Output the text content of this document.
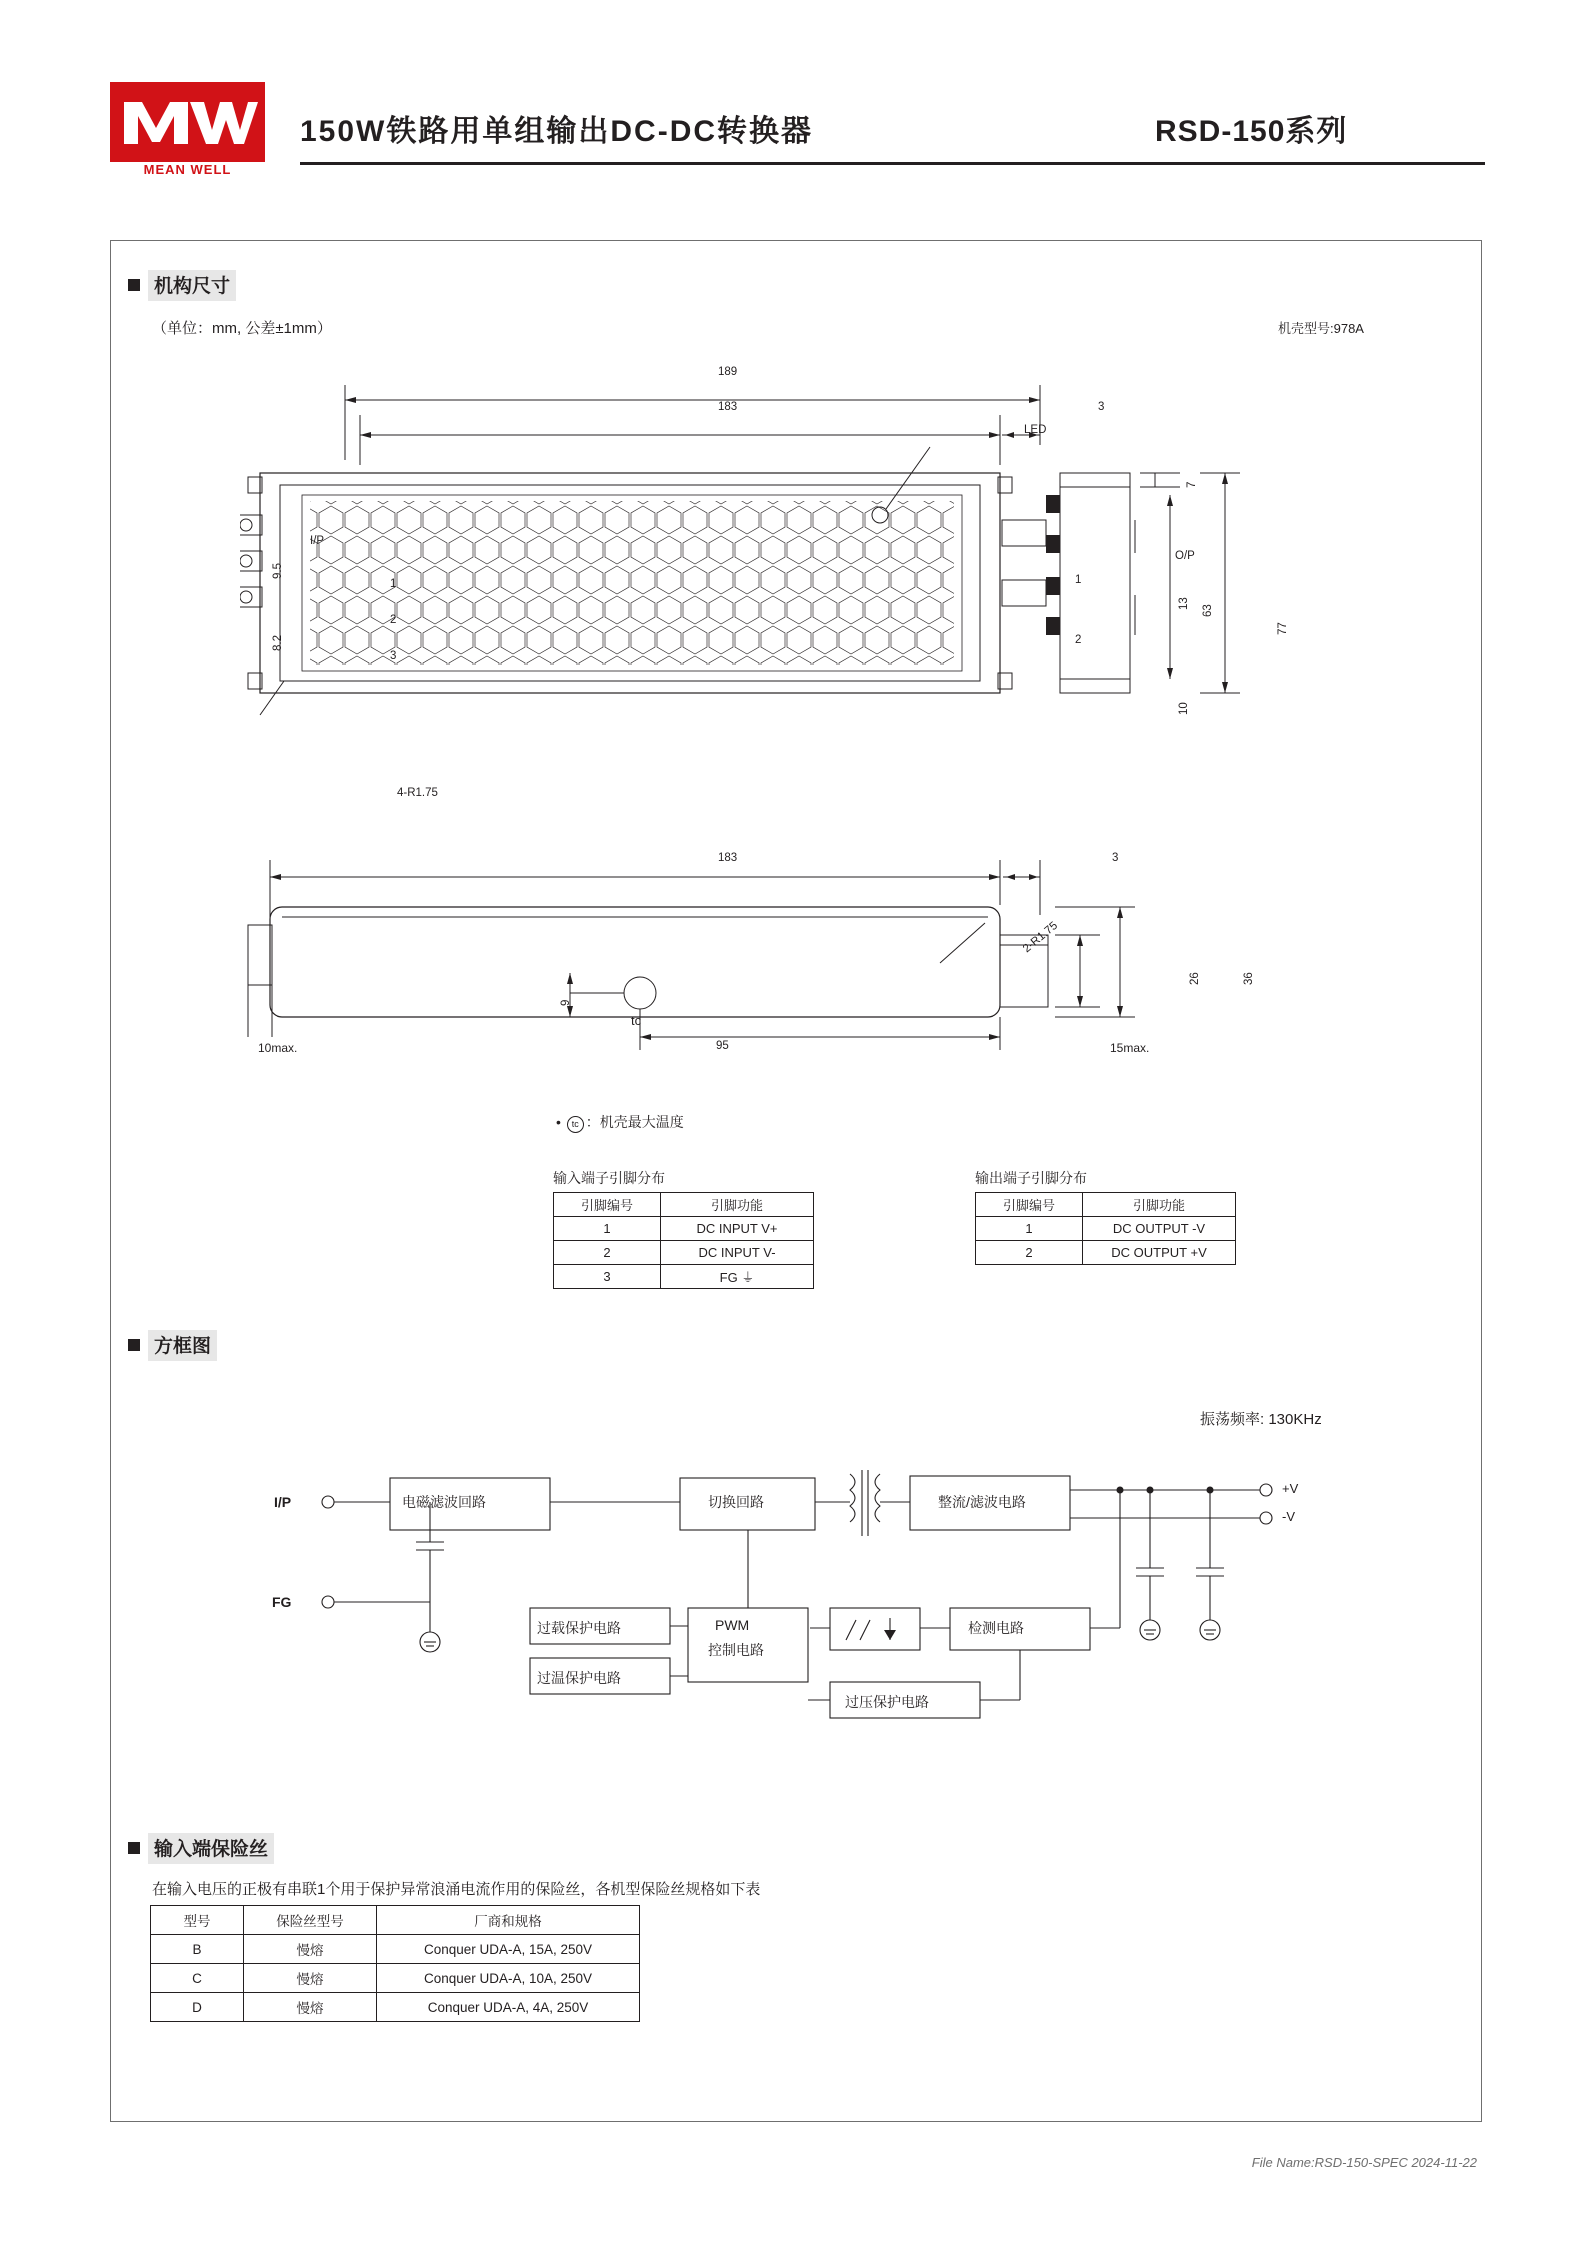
MEAN WELL
150W铁路用单组输出DC-DC转换器	RSD-150系列
机构尺寸
（单位：mm, 公差±1mm）	机壳型号:978A
189
183	3
LED
I/P
O/P
1
2
3
1
2
4-R1.75
9.5
8.2
7
13
10
63
77
183	3
2-R1.75
26	36
9
95
10max.	15max.
tc
• tc ：机壳最大温度
输入端子引脚分布
引脚编号	引脚功能
1	DC INPUT V+
2	DC INPUT V-
3	FG ⏚
输出端子引脚分布
引脚编号	引脚功能
1	DC OUTPUT -V
2	DC OUTPUT +V
方框图
振荡频率: 130KHz
I/P
FG
+V
-V
电磁滤波回路	切换回路	整流/滤波电路
过载保护电路
过温保护电路
PWM
控制电路
检测电路
过压保护电路
输入端保险丝
在输入电压的正极有串联1个用于保护异常浪涌电流作用的保险丝，各机型保险丝规格如下表
型号	保险丝型号	厂商和规格
B	慢熔	Conquer UDA-A, 15A, 250V
C	慢熔	Conquer UDA-A, 10A, 250V
D	慢熔	Conquer UDA-A, 4A, 250V
File Name:RSD-150-SPEC 2024-11-22
